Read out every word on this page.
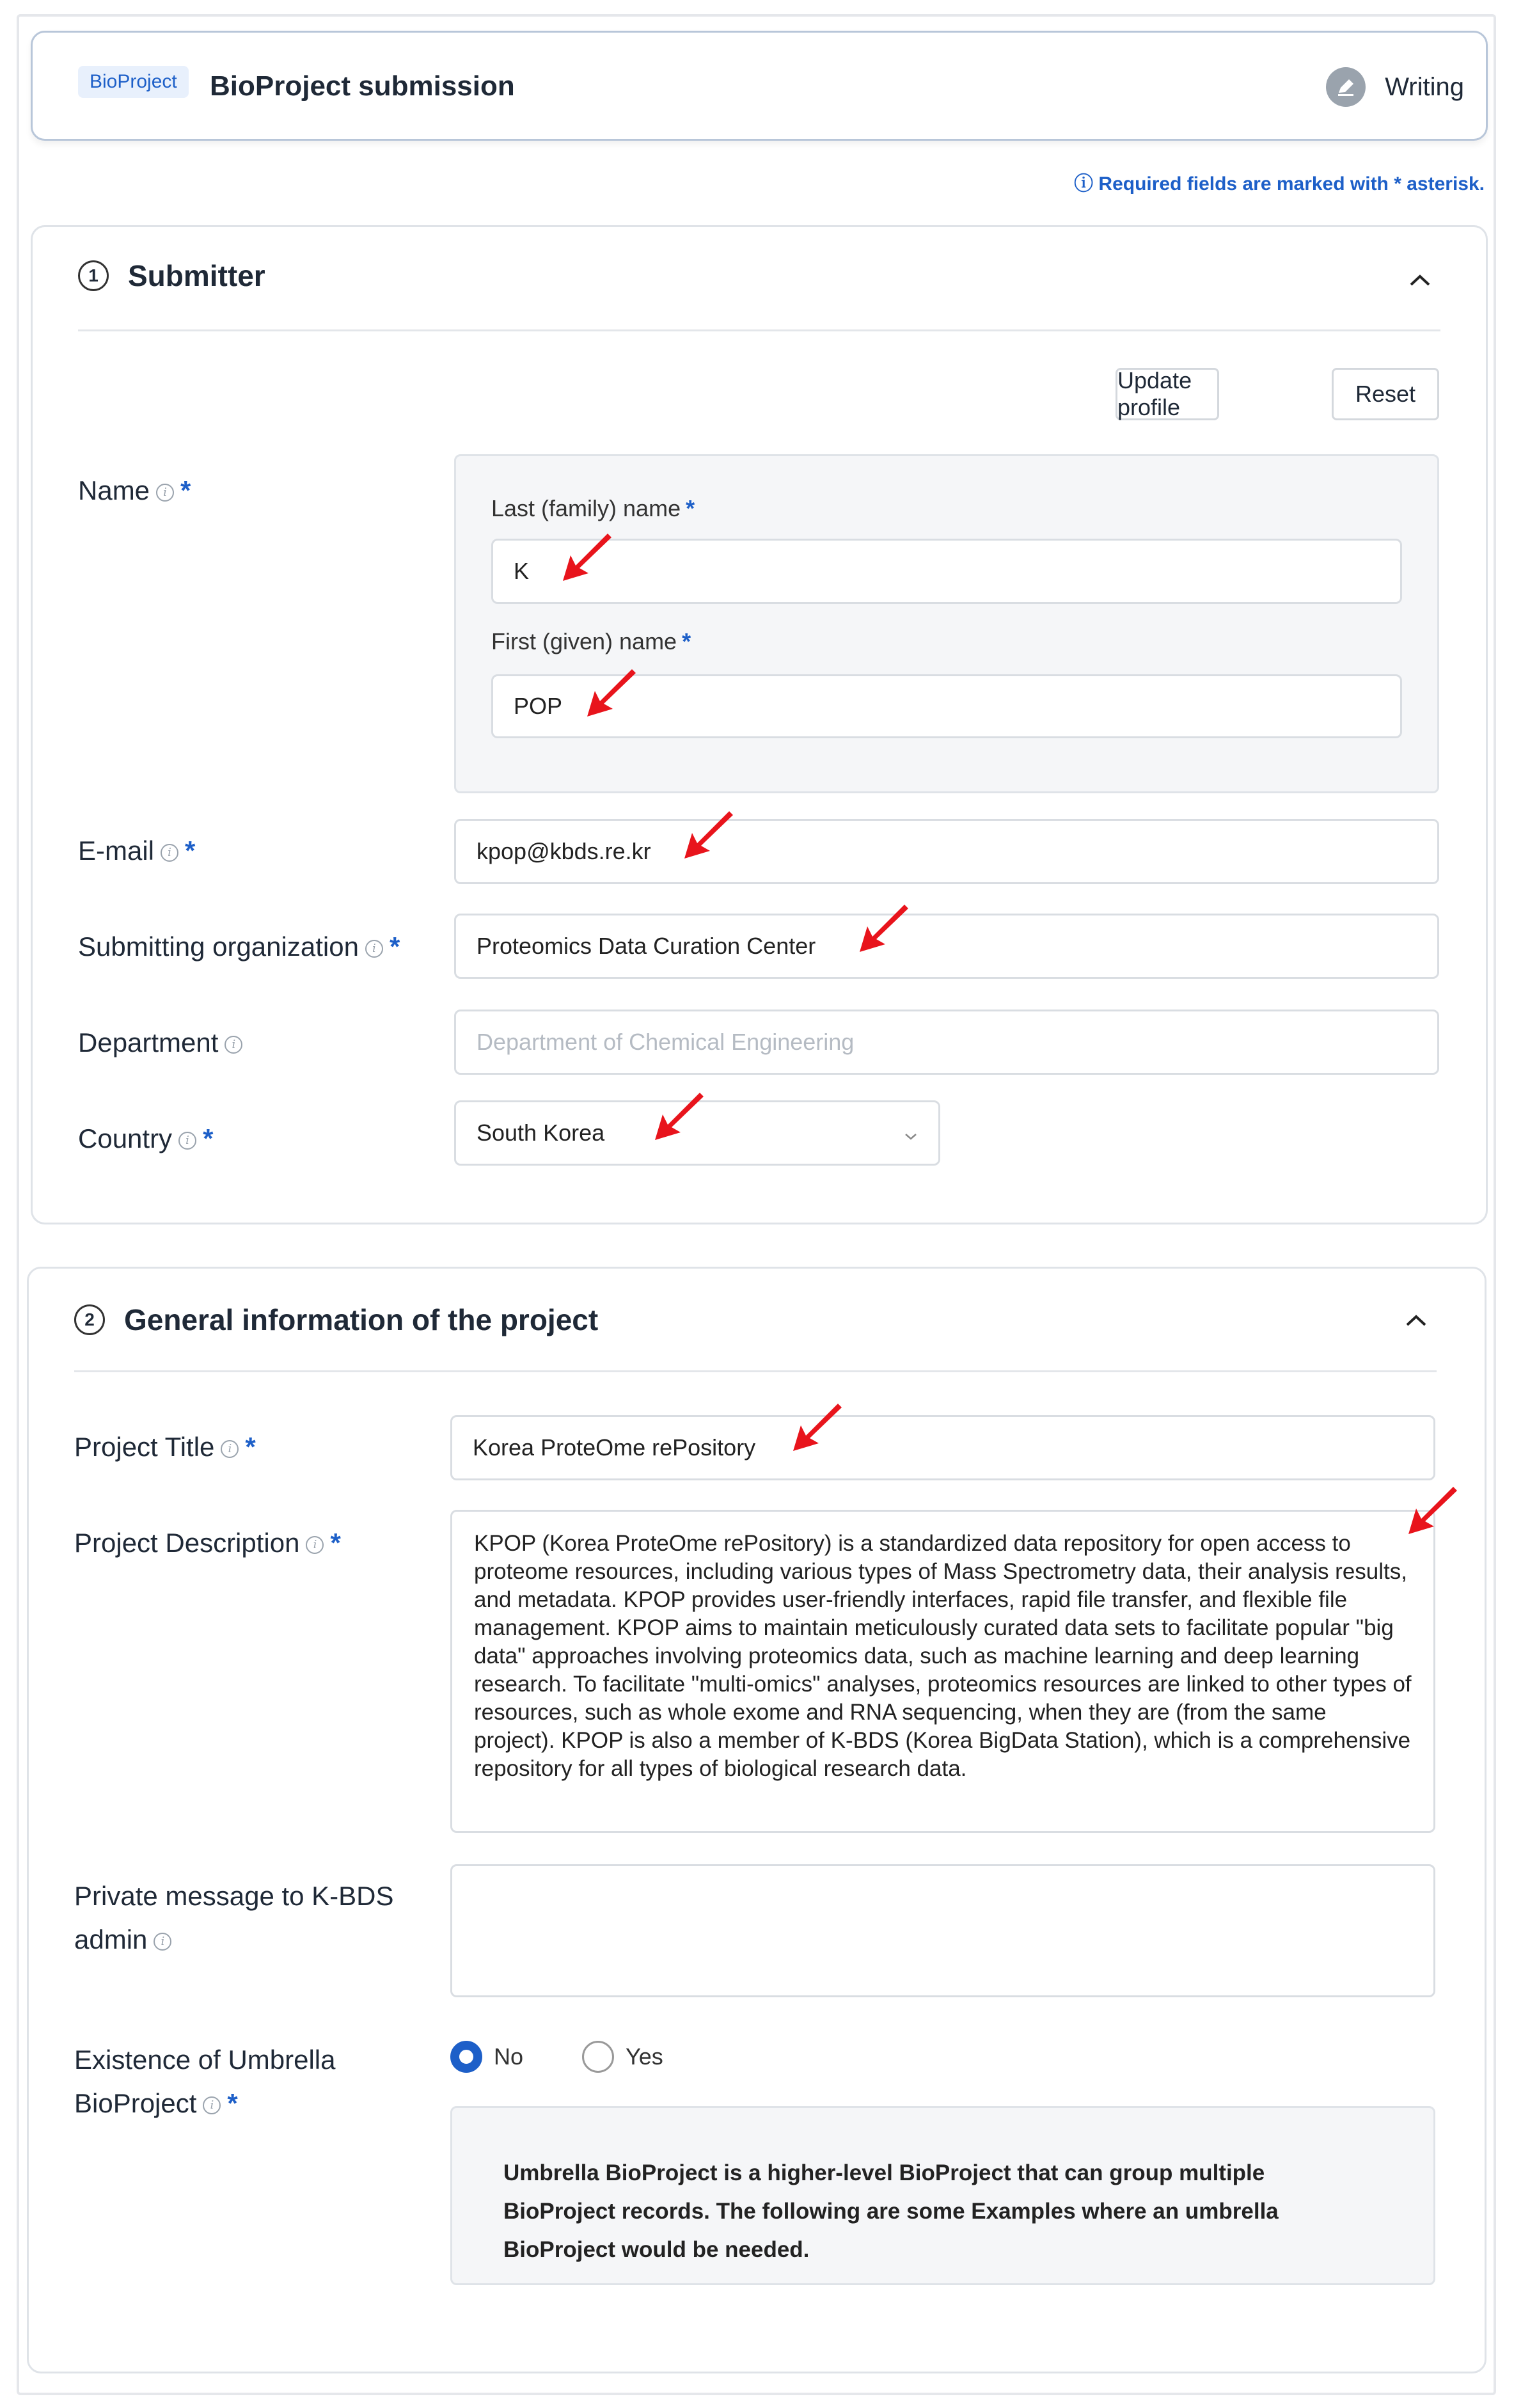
BioProject	BioProject submission	Writing
ⓘ Required fields are marked with * asterisk.
1	Submitter
Update profile
Reset
Name i *
Last (family) name *
K
First (given) name *
POP
E-mail i *	kpop@kbds.re.kr
Submitting organization i *	Proteomics Data Curation Center
Department i	Department of Chemical Engineering
Country i *	South Korea
2	General information of the project
Project Title i *	Korea ProteOme rePository
Project Description i *	KPOP (Korea ProteOme rePository) is a standardized data repository for open access to proteome resources, including various types of Mass Spectrometry data, their analysis results, and metadata. KPOP provides user-friendly interfaces, rapid file transfer, and flexible file management. KPOP aims to maintain meticulously curated data sets to facilitate popular "big data" approaches involving proteomics data, such as machine learning and deep learning research. To facilitate "multi-omics" analyses, proteomics resources are linked to other types of resources, such as whole exome and RNA sequencing, when they are (from the same project). KPOP is also a member of K-BDS (Korea BigData Station), which is a comprehensive repository for all types of biological research data.
Private message to K-BDS
admin i
Existence of Umbrella
BioProject i *
No	Yes
Umbrella BioProject is a higher-level BioProject that can group multiple BioProject records. The following are some Examples where an umbrella BioProject would be needed.
